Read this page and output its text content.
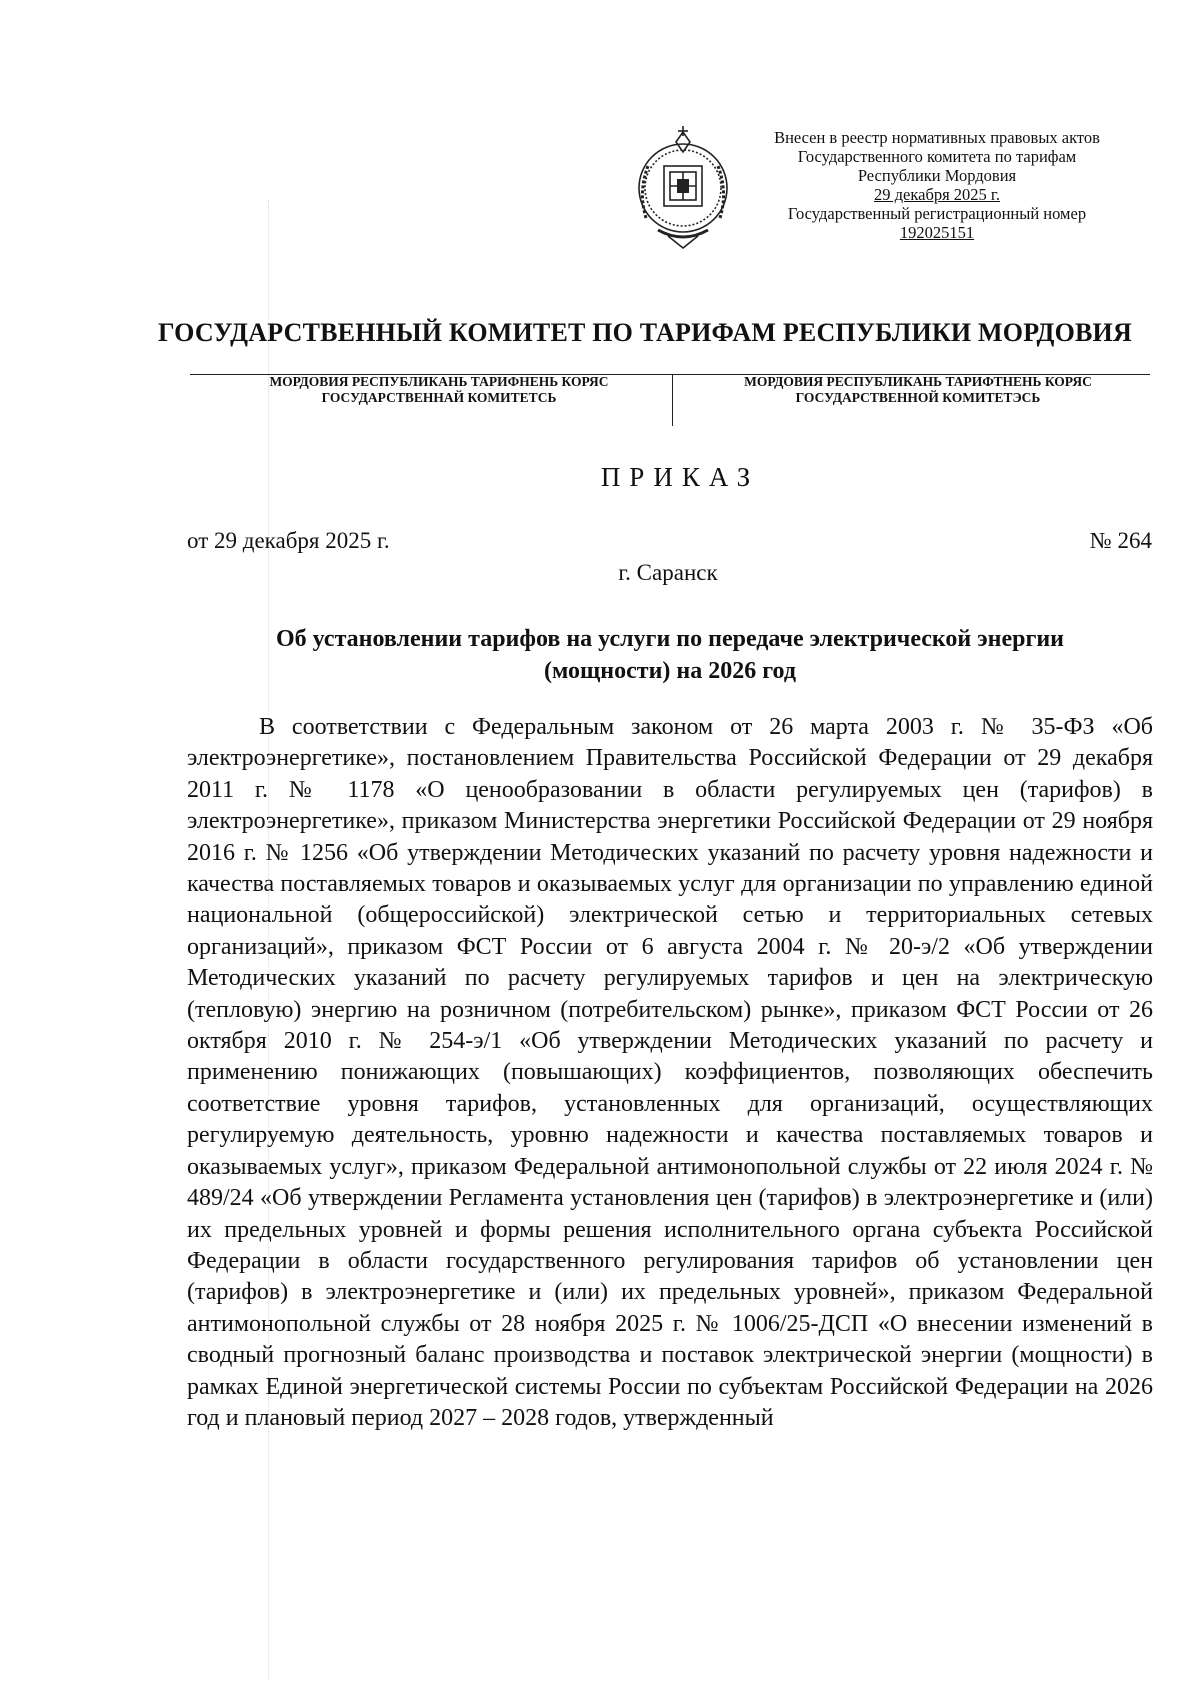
Внесен в реестр нормативных правовых актов
Государственного комитета по тарифам
Республики Мордовия
29 декабря 2025 г.
Государственный регистрационный номер
192025151
ГОСУДАРСТВЕННЫЙ КОМИТЕТ ПО ТАРИФАМ РЕСПУБЛИКИ МОРДОВИЯ
МОРДОВИЯ РЕСПУБЛИКАНЬ ТАРИФНЕНЬ КОРЯС
ГОСУДАРСТВЕННАЙ КОМИТЕТСЬ
МОРДОВИЯ РЕСПУБЛИКАНЬ ТАРИФТНЕНЬ КОРЯС
ГОСУДАРСТВЕННОЙ КОМИТЕТЭСЬ
ПРИКАЗ
от 29 декабря 2025 г.	№ 264
г. Саранск
Об установлении тарифов на услуги по передаче электрической энергии
(мощности) на 2026 год

В соответствии с Федеральным законом от 26 марта 2003 г. № 35-ФЗ «Об электроэнергетике», постановлением Правительства Российской Федерации от 29 декабря 2011 г. № 1178 «О ценообразовании в области регулируемых цен (тарифов) в электроэнергетике», приказом Министерства энергетики Российской Федерации от 29 ноября 2016 г. № 1256 «Об утверждении Методических указаний по расчету уровня надежности и качества поставляемых товаров и оказываемых услуг для организации по управлению единой национальной (общероссийской) электрической сетью и территориальных сетевых организаций», приказом ФСТ России от 6 августа 2004 г. № 20-э/2 «Об утверждении Методических указаний по расчету регулируемых тарифов и цен на электрическую (тепловую) энергию на розничном (потребительском) рынке», приказом ФСТ России от 26 октября 2010 г. № 254-э/1 «Об утверждении Методических указаний по расчету и применению понижающих (повышающих) коэффициентов, позволяющих обеспечить соответствие уровня тарифов, установленных для организаций, осуществляющих регулируемую деятельность, уровню надежности и качества поставляемых товаров и оказываемых услуг», приказом Федеральной антимонопольной службы от 22 июля 2024 г. № 489/24 «Об утверждении Регламента установления цен (тарифов) в электроэнергетике и (или) их предельных уровней и формы решения исполнительного органа субъекта Российской Федерации в области государственного регулирования тарифов об установлении цен (тарифов) в электроэнергетике и (или) их предельных уровней», приказом Федеральной антимонопольной службы от 28 ноября 2025 г. № 1006/25-ДСП «О внесении изменений в сводный прогнозный баланс производства и поставок электрической энергии (мощности) в рамках Единой энергетической системы России по субъектам Российской Федерации на 2026 год и плановый период 2027 – 2028 годов, утвержденный
